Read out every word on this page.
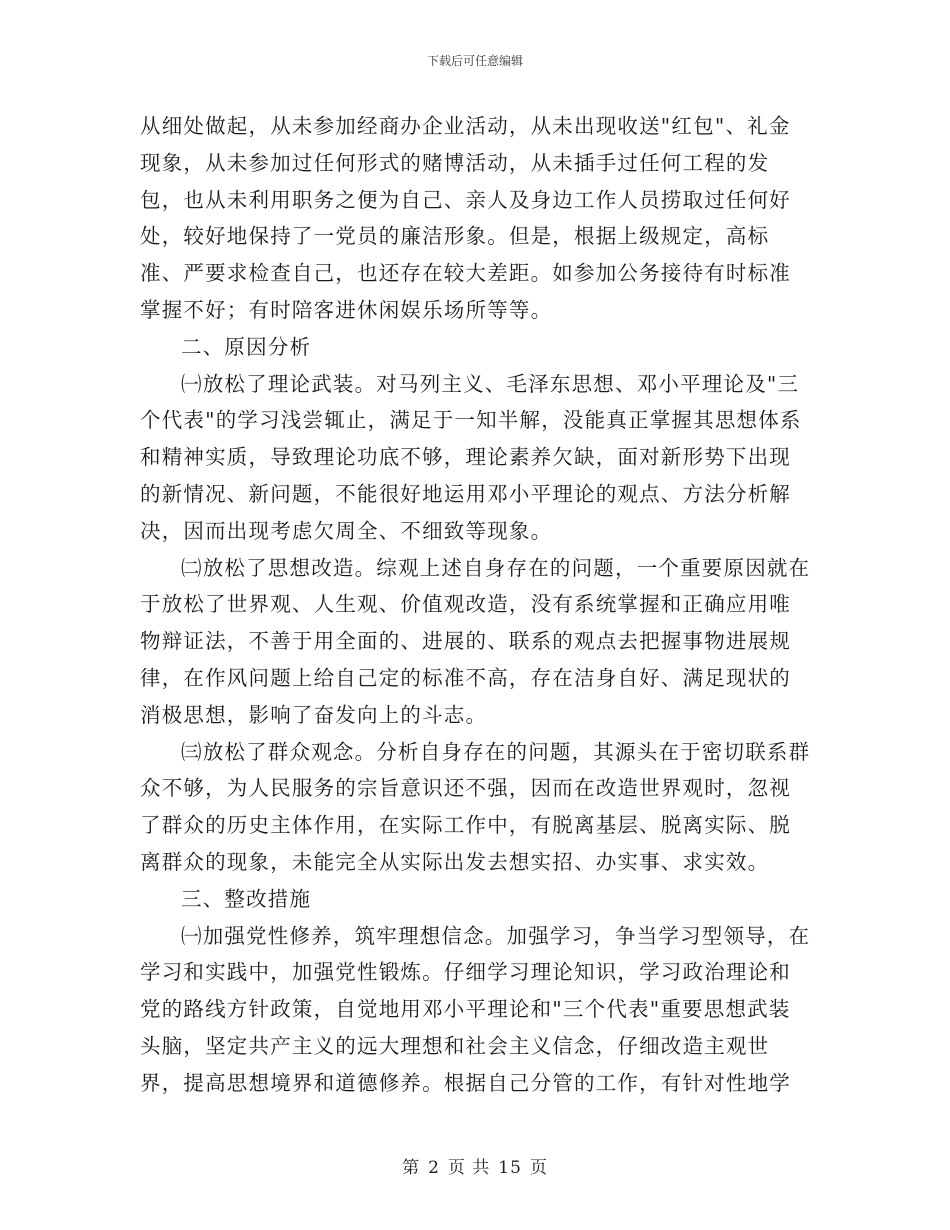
下载后可任意编辑

从细处做起，从未参加经商办企业活动，从未出现收送"红包"、礼金现象，从未参加过任何形式的赌博活动，从未插手过任何工程的发包，也从未利用职务之便为自己、亲人及身边工作人员捞取过任何好处，较好地保持了一党员的廉洁形象。但是，根据上级规定，高标准、严要求检查自己，也还存在较大差距。如参加公务接待有时标准掌握不好；有时陪客进休闲娱乐场所等等。

二、原因分析

㈠放松了理论武装。对马列主义、毛泽东思想、邓小平理论及"三个代表"的学习浅尝辄止，满足于一知半解，没能真正掌握其思想体系和精神实质，导致理论功底不够，理论素养欠缺，面对新形势下出现的新情况、新问题，不能很好地运用邓小平理论的观点、方法分析解决，因而出现考虑欠周全、不细致等现象。

㈡放松了思想改造。综观上述自身存在的问题，一个重要原因就在于放松了世界观、人生观、价值观改造，没有系统掌握和正确应用唯物辩证法，不善于用全面的、进展的、联系的观点去把握事物进展规律，在作风问题上给自己定的标准不高，存在洁身自好、满足现状的消极思想，影响了奋发向上的斗志。

㈢放松了群众观念。分析自身存在的问题，其源头在于密切联系群众不够，为人民服务的宗旨意识还不强，因而在改造世界观时，忽视了群众的历史主体作用，在实际工作中，有脱离基层、脱离实际、脱离群众的现象，未能完全从实际出发去想实招、办实事、求实效。

三、整改措施

㈠加强党性修养，筑牢理想信念。加强学习，争当学习型领导，在学习和实践中，加强党性锻炼。仔细学习理论知识，学习政治理论和党的路线方针政策，自觉地用邓小平理论和"三个代表"重要思想武装头脑，坚定共产主义的远大理想和社会主义信念，仔细改造主观世界，提高思想境界和道德修养。根据自己分管的工作，有针对性地学

第 2 页 共 15 页
